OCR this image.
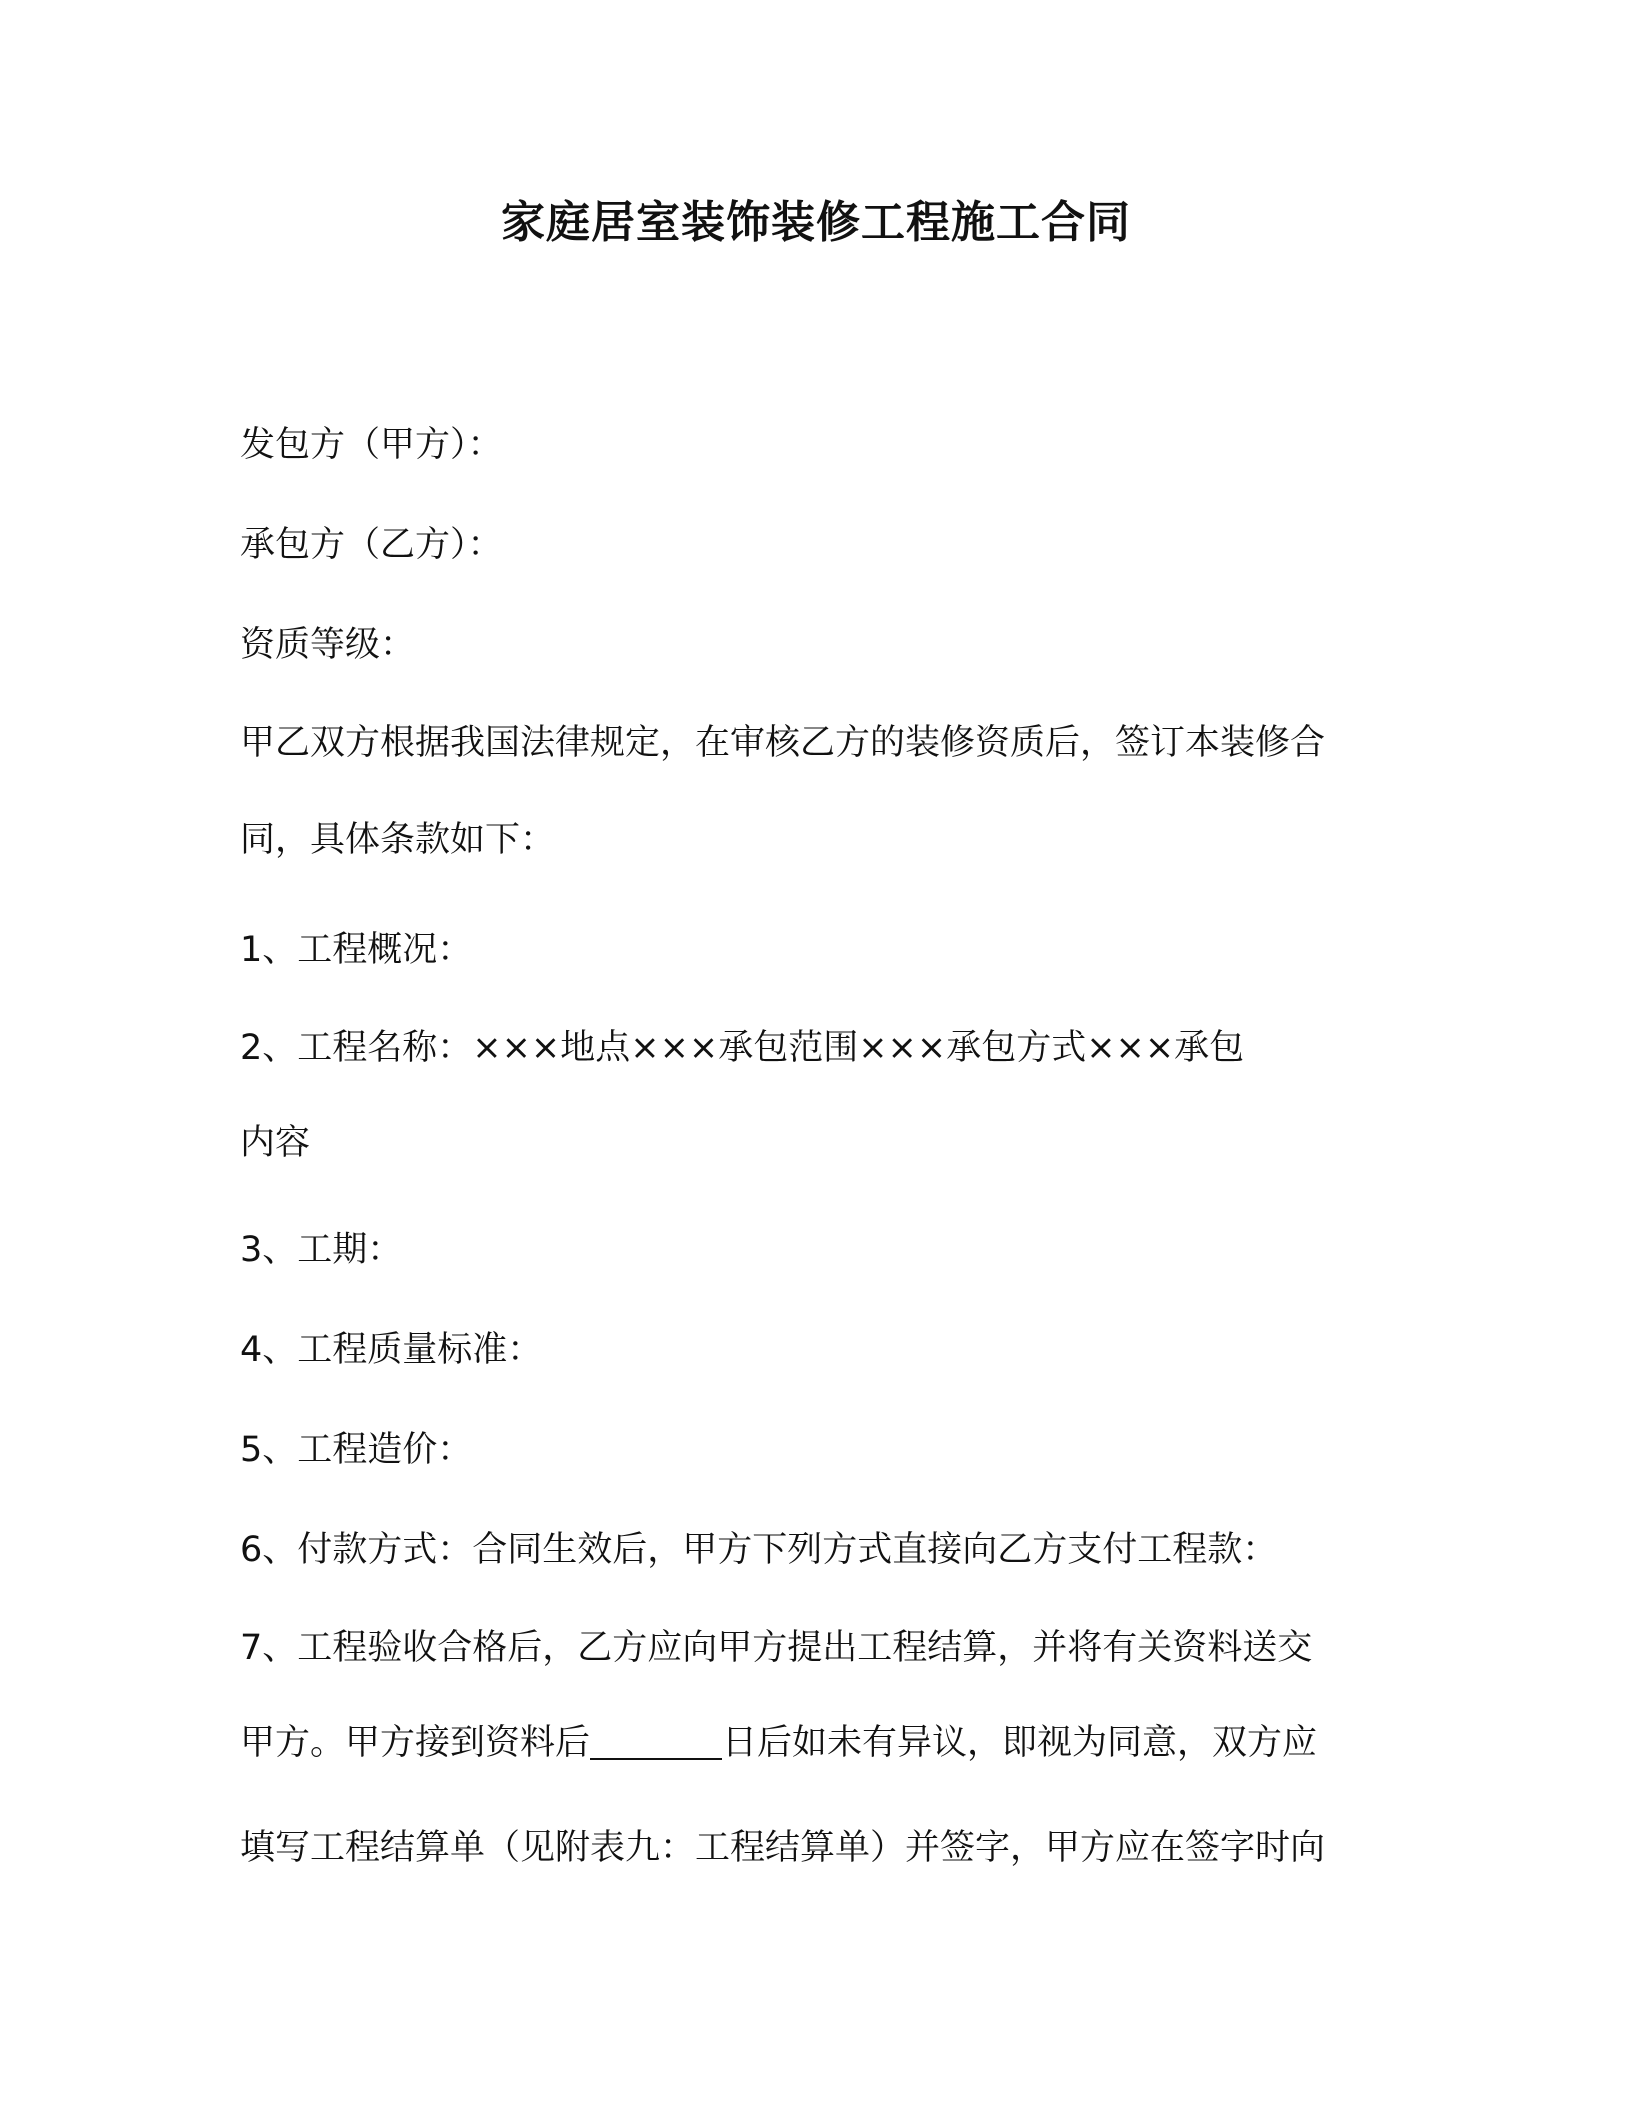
家庭居室装饰装修工程施工合同

发包方（甲方）：

承包方（乙方）：

资质等级：

甲乙双方根据我国法律规定，在审核乙方的装修资质后，签订本装修合

同，具体条款如下：

1、工程概况：

2、工程名称：×××地点×××承包范围×××承包方式×××承包

内容

3、工期：

4、工程质量标准：

5、工程造价：

6、付款方式：合同生效后，甲方下列方式直接向乙方支付工程款：

7、工程验收合格后，乙方应向甲方提出工程结算，并将有关资料送交

甲方。甲方接到资料后	日后如未有异议，即视为同意，双方应

填写工程结算单（见附表九：工程结算单）并签字，甲方应在签字时向
